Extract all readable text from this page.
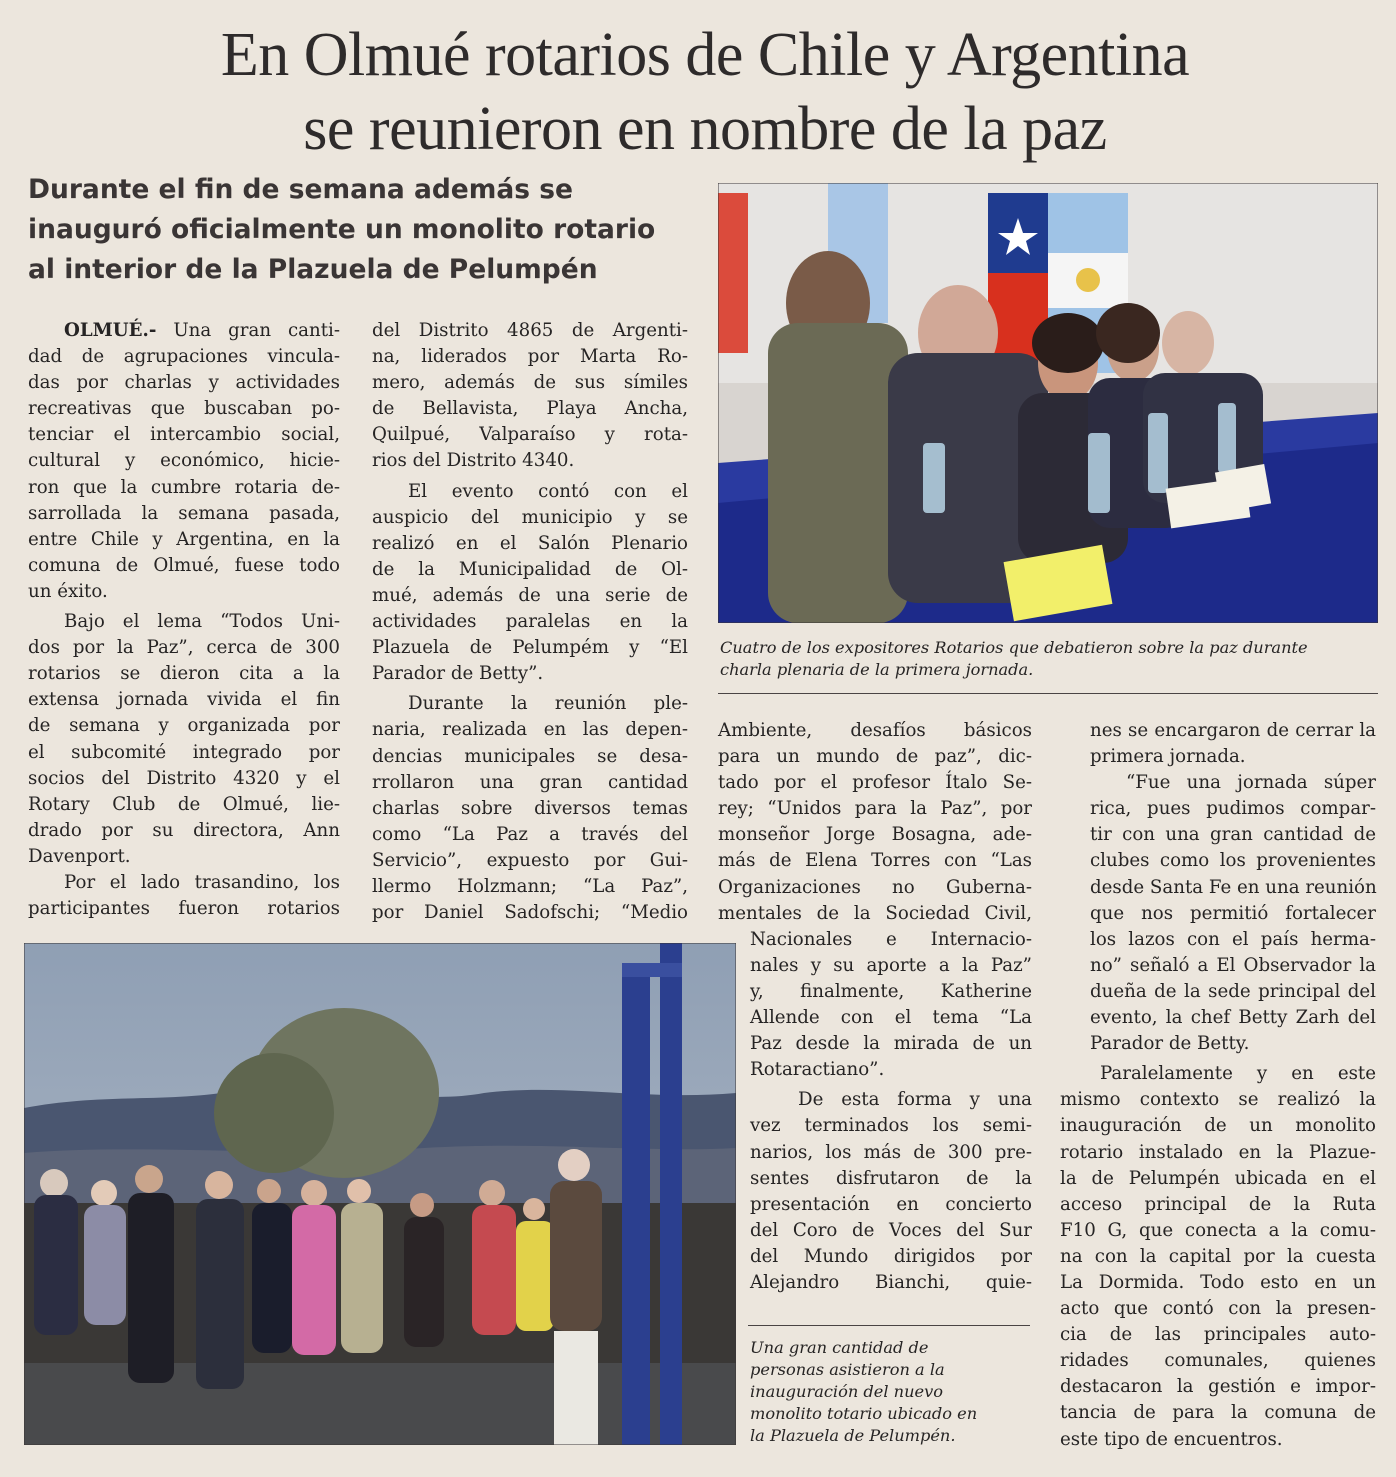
En Olmué rotarios de Chile y Argentina
se reunieron en nombre de la paz
Durante el fin de semana además se
inauguró oficialmente un monolito rotario
al interior de la Plazuela de Pelumpén

OLMUÉ.- Una gran canti-
dad de agrupaciones vincula-
das por charlas y actividades
recreativas que buscaban po-
tenciar el intercambio social,
cultural y económico, hicie-
ron que la cumbre rotaria de-
sarrollada la semana pasada,
entre Chile y Argentina, en la
comuna de Olmué, fuese todo
un éxito.

Bajo el lema “Todos Uni-
dos por la Paz”, cerca de 300
rotarios se dieron cita a la
extensa jornada vivida el fin
de semana y organizada por
el subcomité integrado por
socios del Distrito 4320 y el
Rotary Club de Olmué, lie-
drado por su directora, Ann
Davenport.

Por el lado trasandino, los
participantes fueron rotarios

del Distrito 4865 de Argenti-
na, liderados por Marta Ro-
mero, además de sus símiles
de Bellavista, Playa Ancha,
Quilpué, Valparaíso y rota-
rios del Distrito 4340.

El evento contó con el
auspicio del municipio y se
realizó en el Salón Plenario
de la Municipalidad de Ol-
mué, además de una serie de
actividades paralelas en la
Plazuela de Pelumpém y “El
Parador de Betty”.

Durante la reunión ple-
naria, realizada en las depen-
dencias municipales se desa-
rrollaron una gran cantidad
charlas sobre diversos temas
como “La Paz a través del
Servicio”, expuesto por Gui-
llermo Holzmann; “La Paz”,
por Daniel Sadofschi; “Medio

Cuatro de los expositores Rotarios que debatieron sobre la paz durante
charla plenaria de la primera jornada.

Ambiente, desafíos básicos
para un mundo de paz”, dic-
tado por el profesor Ítalo Se-
rey; “Unidos para la Paz”, por
monseñor Jorge Bosagna, ade-
más de Elena Torres con “Las
Organizaciones no Guberna-
mentales de la Sociedad Civil,
Nacionales e Internacio-
nales y su aporte a la Paz”
y, finalmente, Katherine
Allende con el tema “La
Paz desde la mirada de un
Rotaractiano”.

De esta forma y una
vez terminados los semi-
narios, los más de 300 pre-
sentes disfrutaron de la
presentación en concierto
del Coro de Voces del Sur
del Mundo dirigidos por
Alejandro Bianchi, quie-

nes se encargaron de cerrar la
primera jornada.

“Fue una jornada súper
rica, pues pudimos compar-
tir con una gran cantidad de
clubes como los provenientes
desde Santa Fe en una reunión
que nos permitió fortalecer
los lazos con el país herma-
no” señaló a El Observador la
dueña de la sede principal del
evento, la chef Betty Zarh del
Parador de Betty.

Paralelamente y en este
mismo contexto se realizó la
inauguración de un monolito
rotario instalado en la Plazue-
la de Pelumpén ubicada en el
acceso principal de la Ruta
F10 G, que conecta a la comu-
na con la capital por la cuesta
La Dormida. Todo esto en un
acto que contó con la presen-
cia de las principales auto-
ridades comunales, quienes
destacaron la gestión e impor-
tancia de para la comuna de
este tipo de encuentros.

Una gran cantidad de
personas asistieron a la
inauguración del nuevo
monolito totario ubicado en
la Plazuela de Pelumpén.
